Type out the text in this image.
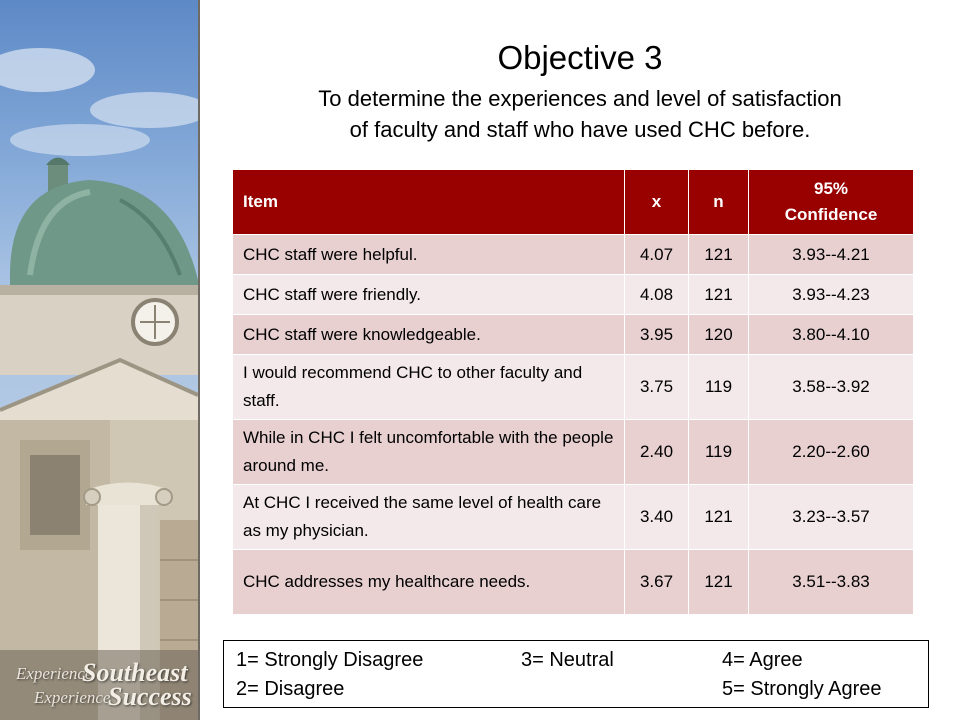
Experience
Southeast
Experience
Success
Objective 3
To determine the experiences and level of satisfaction
of faculty and staff who have used CHC before.
Item	x	n	95%
Confidence

CHC staff were helpful.	4.07	121	3.93--4.21
CHC staff were friendly.	4.08	121	3.93--4.23
CHC staff were knowledgeable.	3.95	120	3.80--4.10
I would recommend CHC to other faculty and staff.	3.75	119	3.58--3.92
While in CHC I felt uncomfortable with the people around me.	2.40	119	2.20--2.60
At CHC I received the same level of health care as my physician.	3.40	121	3.23--3.57
CHC addresses my healthcare needs.	3.67	121	3.51--3.83
1= Strongly Disagree
2= Disagree
3= Neutral	4= Agree
5= Strongly Agree
